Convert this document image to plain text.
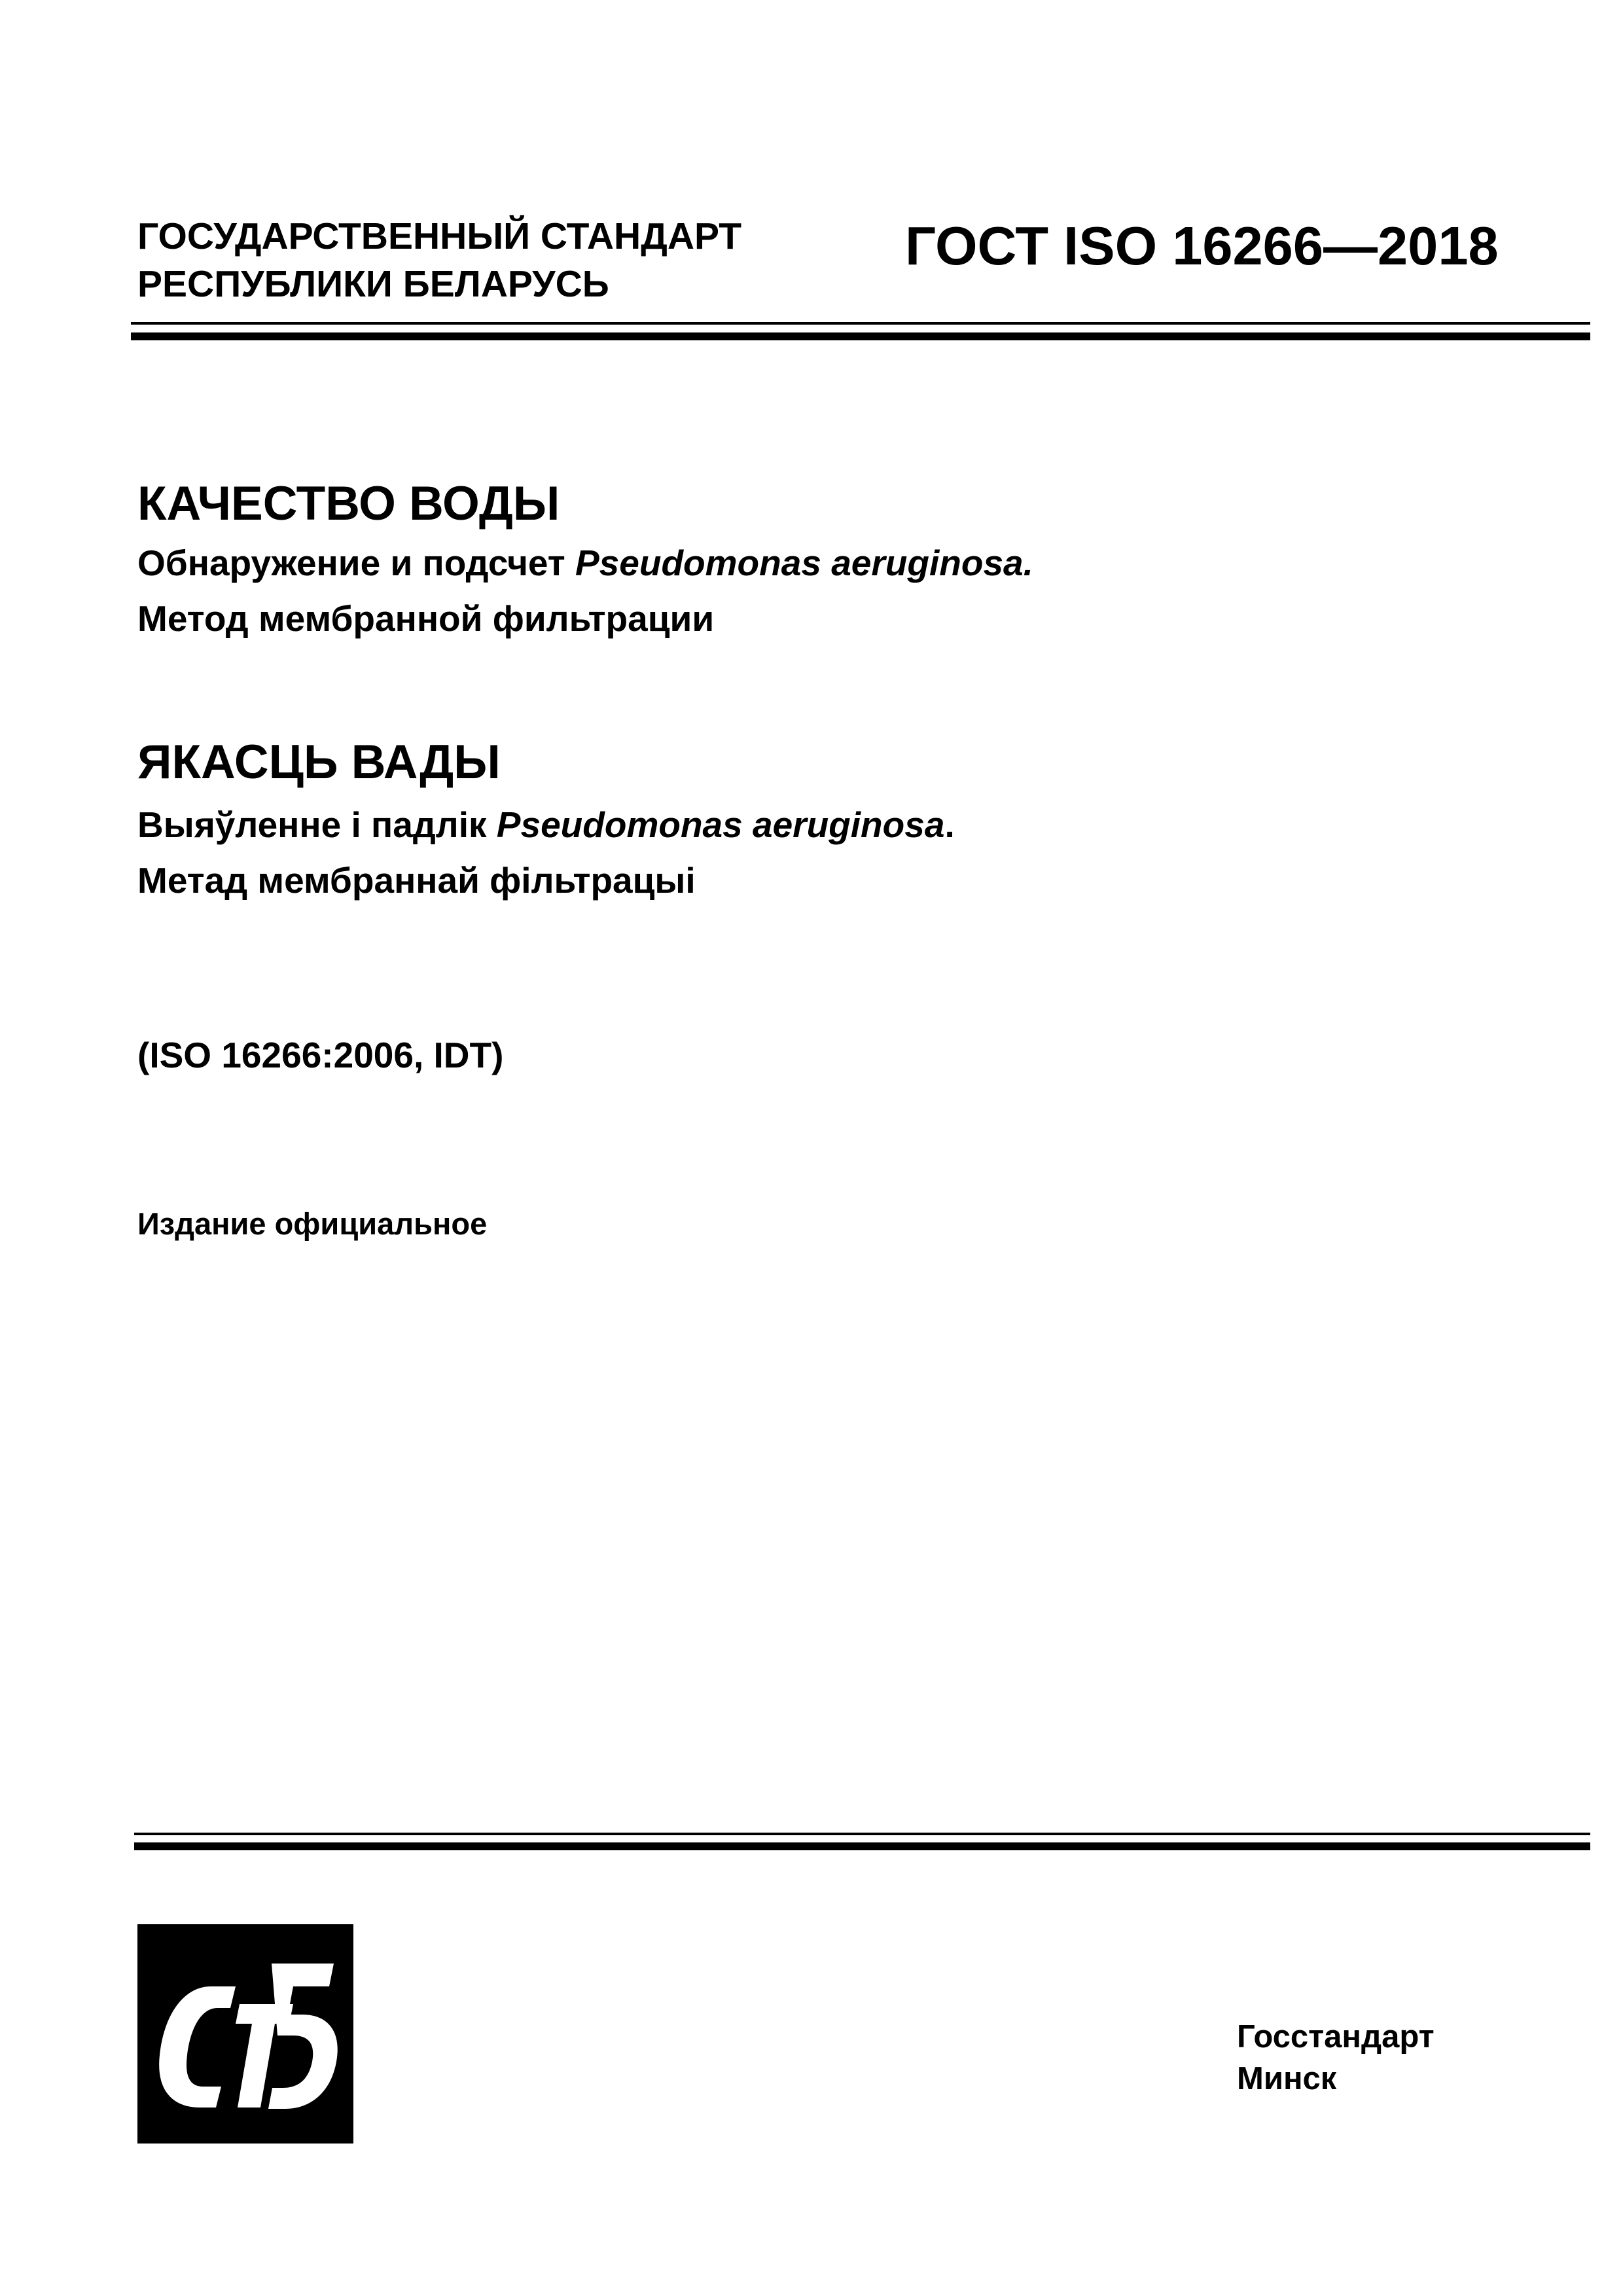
ГОСУДАРСТВЕННЫЙ СТАНДАРТ
РЕСПУБЛИКИ БЕЛАРУСЬ
ГОСТ ISO 16266—2018
КАЧЕСТВО ВОДЫ
Обнаружение и подсчет Pseudomonas aeruginosa.
Метод мембранной фильтрации
ЯКАСЦЬ ВАДЫ
Выяўленне і падлік Pseudomonas aeruginosa.
Метад мембраннай фільтрацыі
(ISO 16266:2006, IDT)
Издание официальное
Госстандарт
Минск
